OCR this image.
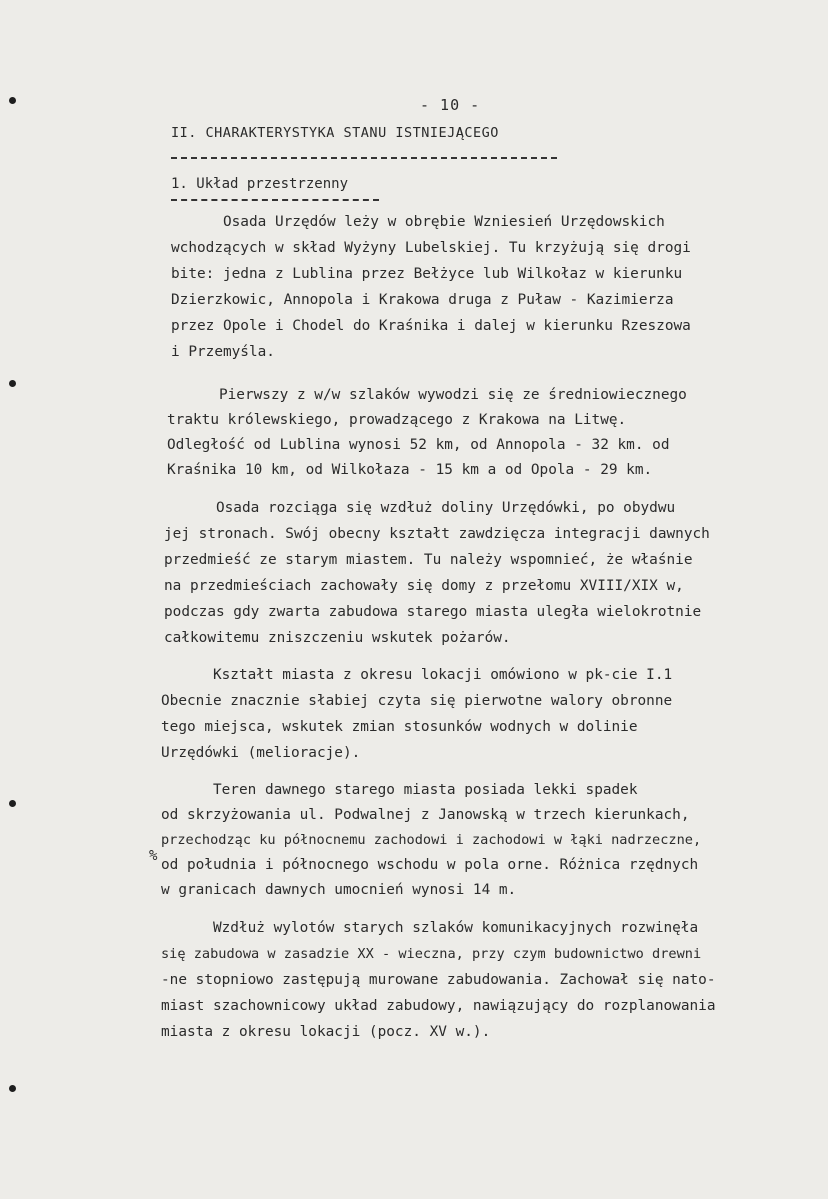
- 10 -
II. CHARAKTERYSTYKA STANU ISTNIEJĄCEGO
1. Układ przestrzenny
%
Osada Urzędów leży w obrębie Wzniesień Urzędowskich
wchodzących w skład Wyżyny Lubelskiej. Tu krzyżują się drogi
bite: jedna z Lublina przez Bełżyce lub Wilkołaz w kierunku
Dzierzkowic, Annopola i Krakowa druga z Puław - Kazimierza
przez Opole i Chodel do Kraśnika i dalej w kierunku Rzeszowa
i Przemyśla.
Pierwszy z w/w szlaków wywodzi się ze średniowiecznego
traktu królewskiego, prowadzącego z Krakowa na Litwę.
Odległość od Lublina wynosi 52 km, od Annopola - 32 km. od
Kraśnika 10 km, od Wilkołaza - 15 km a od Opola - 29 km.
Osada rozciąga się wzdłuż doliny Urzędówki, po obydwu
jej stronach. Swój obecny kształt zawdzięcza integracji dawnych
przedmieść ze starym miastem. Tu należy wspomnieć, że właśnie
na przedmieściach zachowały się domy z przełomu XVIII/XIX w,
podczas gdy zwarta zabudowa starego miasta uległa wielokrotnie
całkowitemu zniszczeniu wskutek pożarów.
Kształt miasta z okresu lokacji omówiono w pk-cie I.1
Obecnie znacznie słabiej czyta się pierwotne walory obronne
tego miejsca, wskutek zmian stosunków wodnych w dolinie
Urzędówki (melioracje).
Teren dawnego starego miasta posiada lekki spadek
od skrzyżowania ul. Podwalnej z Janowską w trzech kierunkach,
przechodząc ku północnemu zachodowi i zachodowi w łąki nadrzeczne,
od południa i północnego wschodu w pola orne. Różnica rzędnych
w granicach dawnych umocnień wynosi 14 m.
Wzdłuż wylotów starych szlaków komunikacyjnych rozwinęła
się zabudowa w zasadzie XX - wieczna, przy czym budownictwo drewni
-ne stopniowo zastępują murowane zabudowania. Zachował się nato-
miast szachownicowy układ zabudowy, nawiązujący do rozplanowania
miasta z okresu lokacji (pocz. XV w.).
